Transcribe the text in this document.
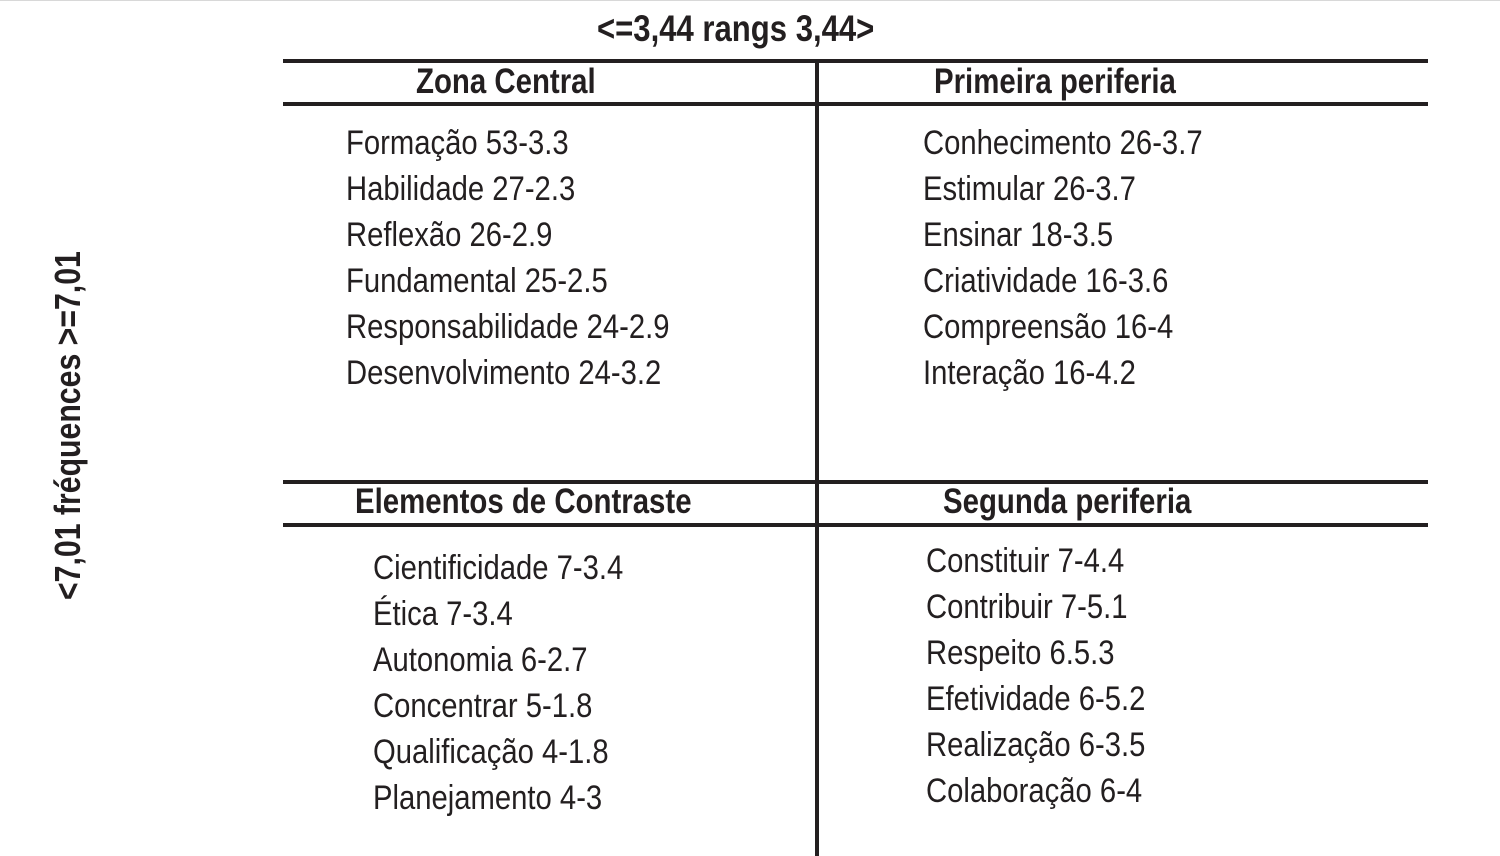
<=3,44 rangs 3,44>
<7,01 fréquences >=7,01
Zona Central
Formação 53-3.3
Habilidade 27-2.3
Reflexão 26-2.9
Fundamental 25-2.5
Responsabilidade 24-2.9
Desenvolvimento 24-3.2
Primeira periferia
Conhecimento 26-3.7
Estimular 26-3.7
Ensinar 18-3.5
Criatividade 16-3.6
Compreensão 16-4
Interação 16-4.2
Elementos de Contraste
Cientificidade 7-3.4
Ética 7-3.4
Autonomia 6-2.7
Concentrar 5-1.8
Qualificação 4-1.8
Planejamento 4-3
Segunda periferia
Constituir 7-4.4
Contribuir 7-5.1
Respeito 6.5.3
Efetividade 6-5.2
Realização 6-3.5
Colaboração 6-4
